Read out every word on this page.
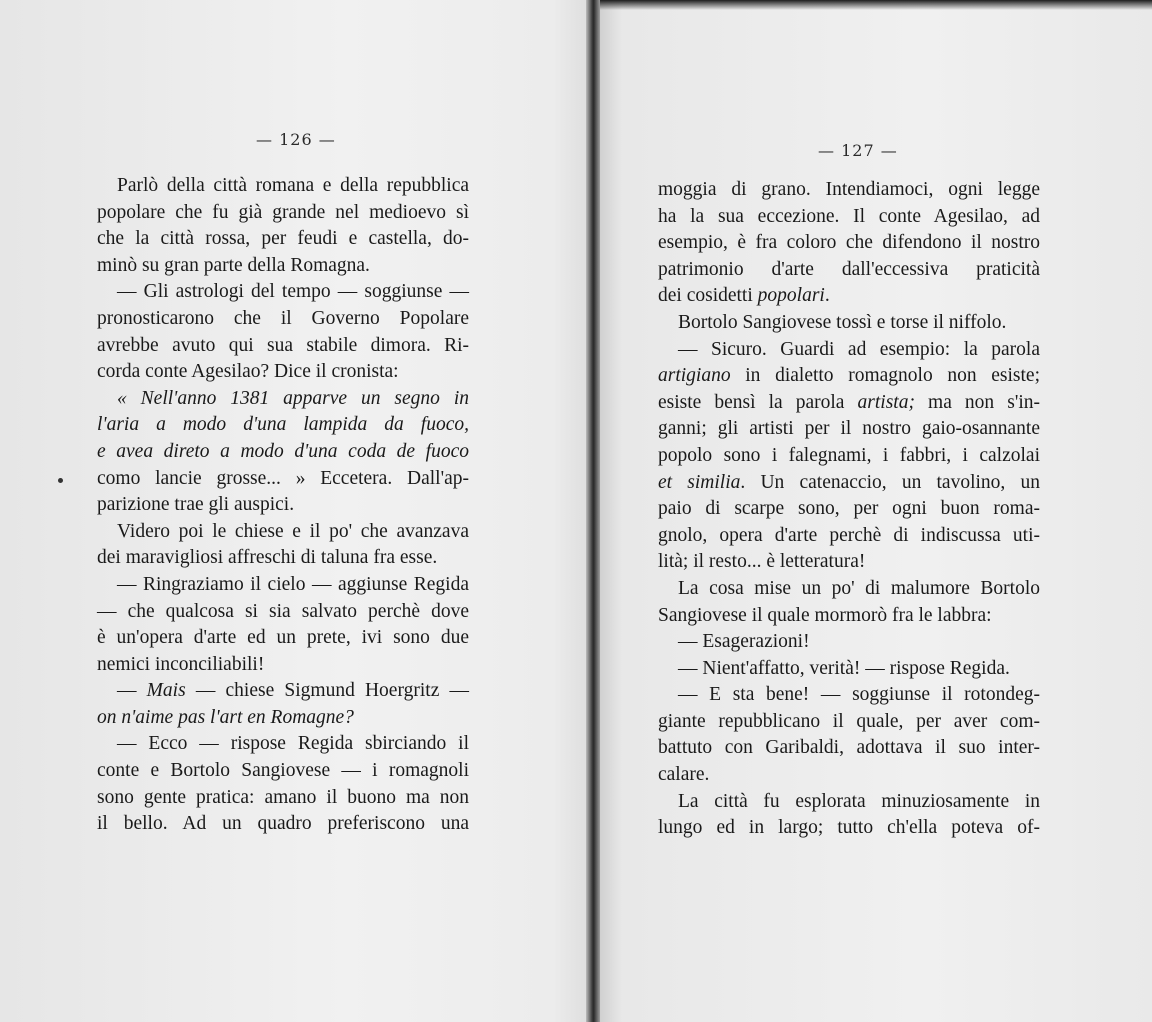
— 126 —
Parlò della città romana e della repubblica
popolare che fu già grande nel medioevo sì
che la città rossa, per feudi e castella, do-
minò su gran parte della Romagna.
— Gli astrologi del tempo — soggiunse —
pronosticarono che il Governo Popolare
avrebbe avuto qui sua stabile dimora. Ri-
corda conte Agesilao? Dice il cronista:
« Nell'anno 1381 apparve un segno in
l'aria a modo d'una lampida da fuoco,
e avea direto a modo d'una coda de fuoco
como lancie grosse... » Eccetera. Dall'ap-
parizione trae gli auspici.
Videro poi le chiese e il po' che avanzava
dei maravigliosi affreschi di taluna fra esse.
— Ringraziamo il cielo — aggiunse Regida
— che qualcosa si sia salvato perchè dove
è un'opera d'arte ed un prete, ivi sono due
nemici inconciliabili!
— Mais — chiese Sigmund Hoergritz —
on n'aime pas l'art en Romagne?
— Ecco — rispose Regida sbirciando il
conte e Bortolo Sangiovese — i romagnoli
sono gente pratica: amano il buono ma non
il bello. Ad un quadro preferiscono una
— 127 —
moggia di grano. Intendiamoci, ogni legge
ha la sua eccezione. Il conte Agesilao, ad
esempio, è fra coloro che difendono il nostro
patrimonio d'arte dall'eccessiva praticità
dei cosidetti popolari.
Bortolo Sangiovese tossì e torse il niffolo.
— Sicuro. Guardi ad esempio: la parola
artigiano in dialetto romagnolo non esiste;
esiste bensì la parola artista; ma non s'in-
ganni; gli artisti per il nostro gaio-osannante
popolo sono i falegnami, i fabbri, i calzolai
et similia. Un catenaccio, un tavolino, un
paio di scarpe sono, per ogni buon roma-
gnolo, opera d'arte perchè di indiscussa uti-
lità; il resto... è letteratura!
La cosa mise un po' di malumore Bortolo
Sangiovese il quale mormorò fra le labbra:
— Esagerazioni!
— Nient'affatto, verità! — rispose Regida.
— E sta bene! — soggiunse il rotondeg-
giante repubblicano il quale, per aver com-
battuto con Garibaldi, adottava il suo inter-
calare.
La città fu esplorata minuziosamente in
lungo ed in largo; tutto ch'ella poteva of-
